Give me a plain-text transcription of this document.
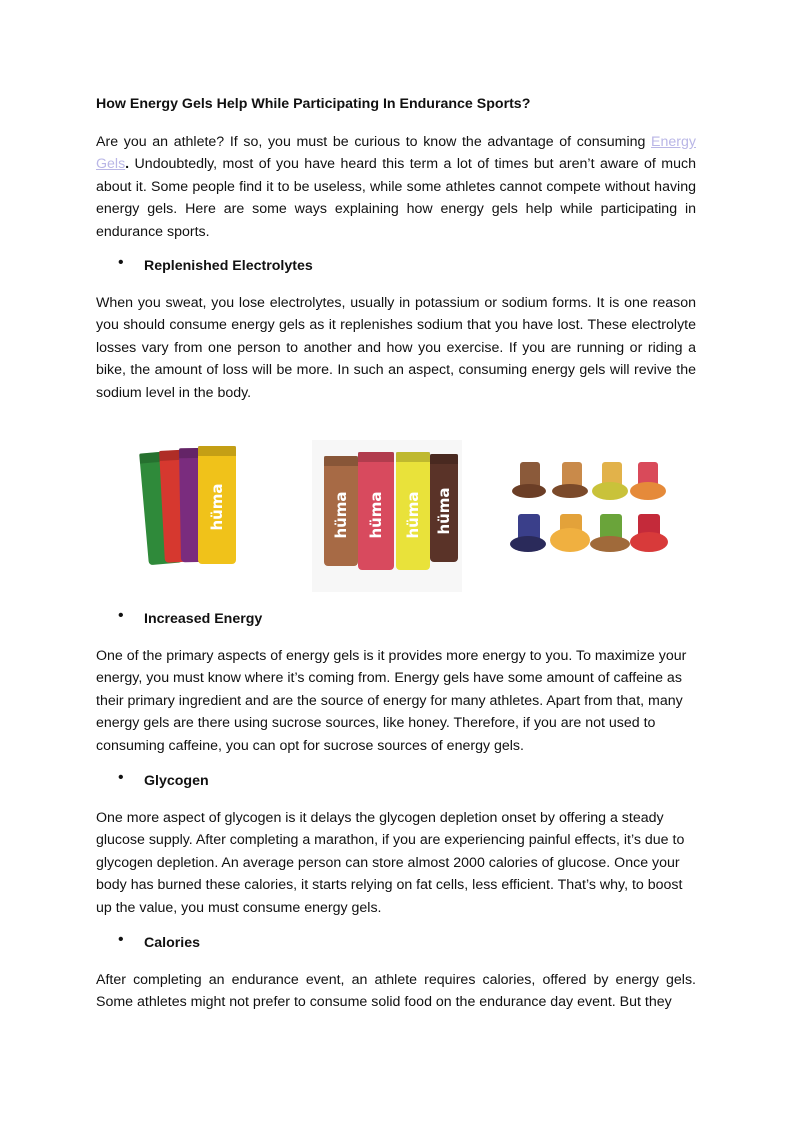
How Energy Gels Help While Participating In Endurance Sports?
Are you an athlete? If so, you must be curious to know the advantage of consuming Energy Gels. Undoubtedly, most of you have heard this term a lot of times but aren’t aware of much about it. Some people find it to be useless, while some athletes cannot compete without having energy gels. Here are some ways explaining how energy gels help while participating in endurance sports.
• Replenished Electrolytes
When you sweat, you lose electrolytes, usually in potassium or sodium forms. It is one reason you should consume energy gels as it replenishes sodium that you have lost. These electrolyte losses vary from one person to another and how you exercise. If you are running or riding a bike, the amount of loss will be more. In such an aspect, consuming energy gels will revive the sodium level in the body.
hüma	hüma hüma hüma hüma
• Increased Energy
One of the primary aspects of energy gels is it provides more energy to you. To maximize your energy, you must know where it’s coming from. Energy gels have some amount of caffeine as their primary ingredient and are the source of energy for many athletes. Apart from that, many energy gels are there using sucrose sources, like honey. Therefore, if you are not used to consuming caffeine, you can opt for sucrose sources of energy gels.
• Glycogen
One more aspect of glycogen is it delays the glycogen depletion onset by offering a steady glucose supply. After completing a marathon, if you are experiencing painful effects, it’s due to glycogen depletion. An average person can store almost 2000 calories of glucose. Once your body has burned these calories, it starts relying on fat cells, less efficient. That’s why, to boost up the value, you must consume energy gels.
• Calories
After completing an endurance event, an athlete requires calories, offered by energy gels. Some athletes might not prefer to consume solid food on the endurance day event. But they
